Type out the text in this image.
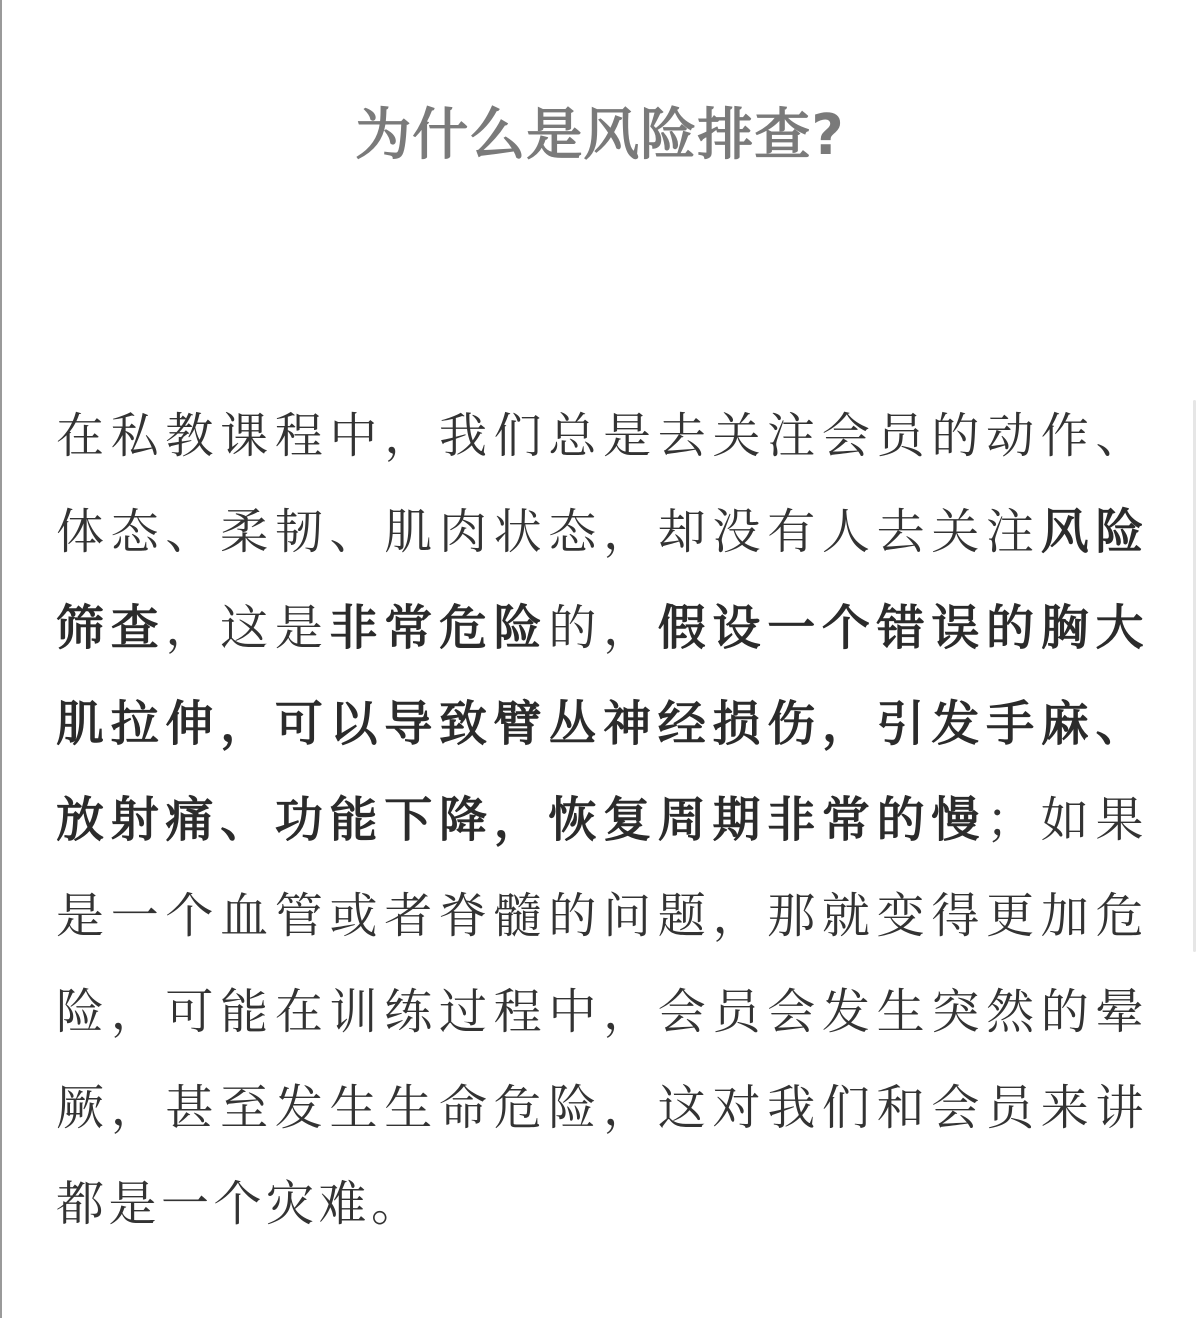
为什么是风险排查?

在私教课程中，我们总是去关注会员的动作、体态、柔韧、肌肉状态，却没有人去关注风险筛查，这是非常危险的，假设一个错误的胸大肌拉伸，可以导致臂丛神经损伤，引发手麻、放射痛、功能下降，恢复周期非常的慢；如果是一个血管或者脊髓的问题，那就变得更加危险，可能在训练过程中，会员会发生突然的晕厥，甚至发生生命危险，这对我们和会员来讲都是一个灾难。
